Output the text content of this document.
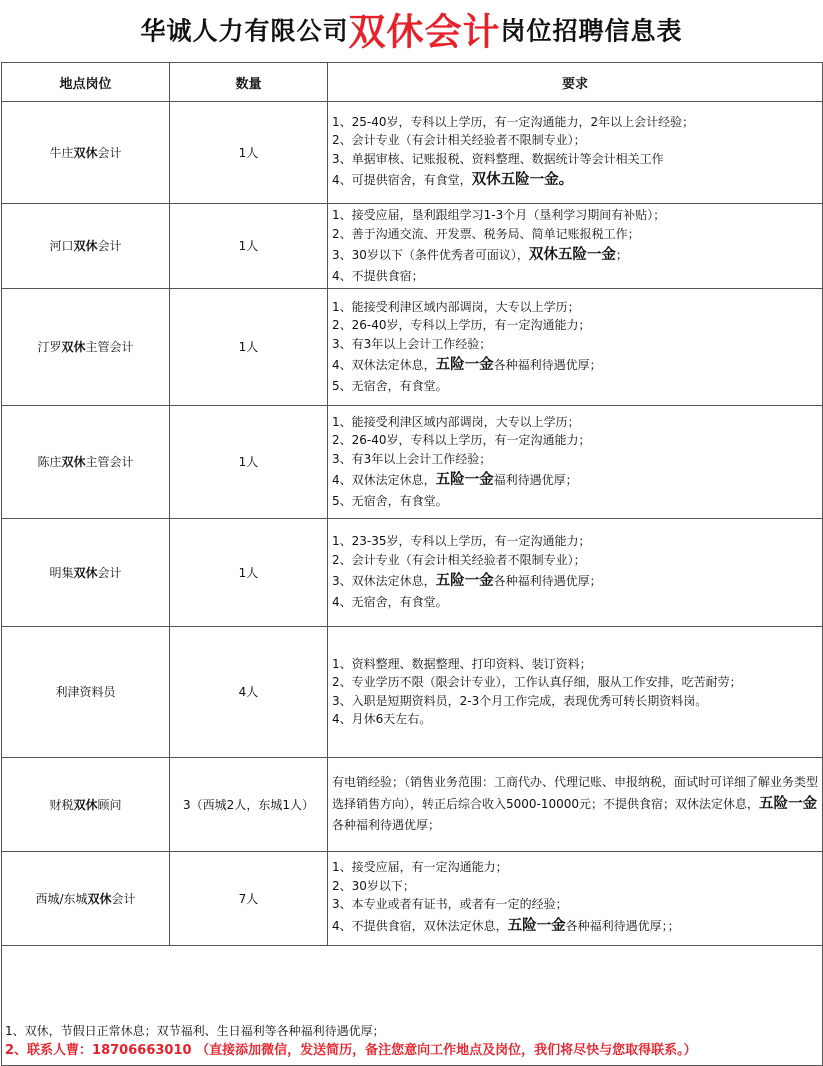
华诚人力有限公司双休会计岗位招聘信息表
地点岗位	数量	要求
牛庄双休会计	1人	1、25-40岁，专科以上学历，有一定沟通能力，2年以上会计经验；
2、会计专业（有会计相关经验者不限制专业）；
3、单据审核、记账报税、资料整理、数据统计等会计相关工作
4、可提供宿舍，有食堂，双休五险一金。

河口双休会计	1人	1、接受应届，垦利跟组学习1-3个月（垦利学习期间有补贴）；
2、善于沟通交流、开发票、税务局、简单记账报税工作；
3、30岁以下（条件优秀者可面议），双休五险一金；
4、不提供食宿；

汀罗双休主管会计	1人	1、能接受利津区域内部调岗，大专以上学历；
2、26-40岁，专科以上学历，有一定沟通能力；
3、有3年以上会计工作经验；
4、双休法定休息，五险一金各种福利待遇优厚；
5、无宿舍，有食堂。

陈庄双休主管会计	1人	1、能接受利津区域内部调岗，大专以上学历；
2、26-40岁，专科以上学历，有一定沟通能力；
3、有3年以上会计工作经验；
4、双休法定休息，五险一金福利待遇优厚；
5、无宿舍，有食堂。

明集双休会计	1人	1、23-35岁，专科以上学历，有一定沟通能力；
2、会计专业（有会计相关经验者不限制专业）；
3、双休法定休息，五险一金各种福利待遇优厚；
4、无宿舍，有食堂。

利津资料员	4人	1、资料整理、数据整理、打印资料、装订资料；
2、专业学历不限（限会计专业），工作认真仔细，服从工作安排，吃苦耐劳；
3、入职是短期资料员，2-3个月工作完成，表现优秀可转长期资料岗。
4、月休6天左右。

财税双休顾问	3（西城2人，东城1人）	有电销经验；（销售业务范围：工商代办、代理记账、申报纳税，面试时可详细了解业务类型选择销售方向），转正后综合收入5000-10000元；不提供食宿；双休法定休息，五险一金各种福利待遇优厚；

西城/东城双休会计	7人	1、接受应届，有一定沟通能力；
2、30岁以下；
3、本专业或者有证书，或者有一定的经验；
4、不提供食宿，双休法定休息，五险一金各种福利待遇优厚；；

1、双休，节假日正常休息；双节福利、生日福利等各种福利待遇优厚；
2、联系人曹：18706663010 （直接添加微信，发送简历，备注您意向工作地点及岗位，我们将尽快与您取得联系。）		
